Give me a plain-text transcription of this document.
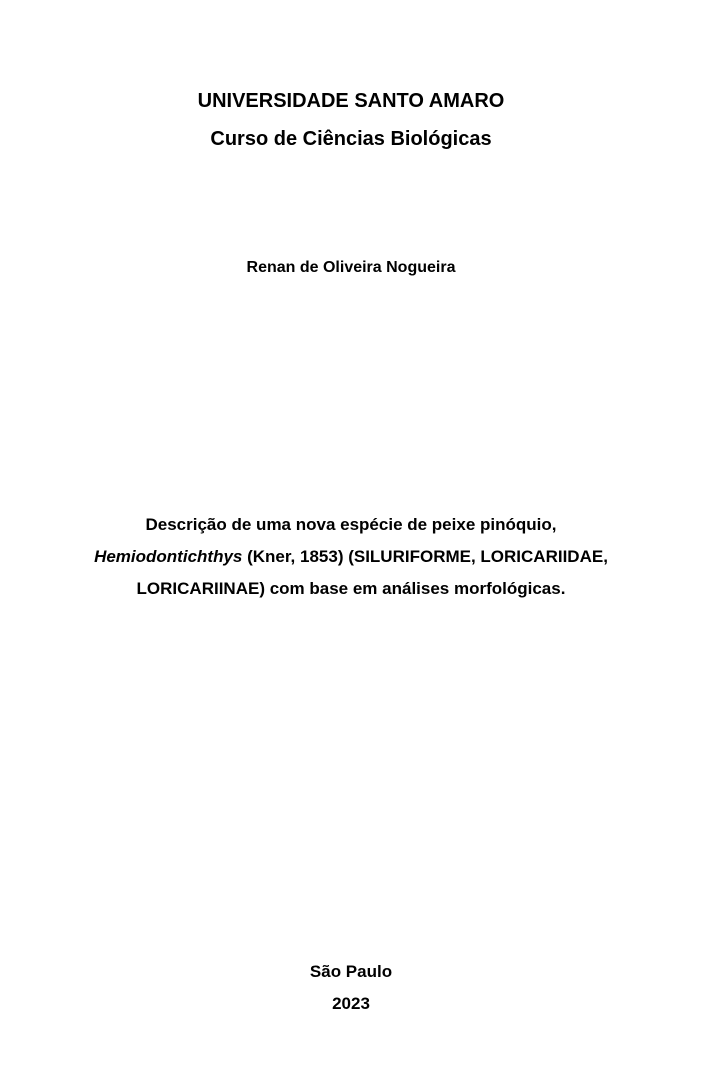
UNIVERSIDADE SANTO AMARO
Curso de Ciências Biológicas
Renan de Oliveira Nogueira
Descrição de uma nova espécie de peixe pinóquio,
Hemiodontichthys (Kner, 1853) (SILURIFORME, LORICARIIDAE,
LORICARIINAE) com base em análises morfológicas.
São Paulo
2023
